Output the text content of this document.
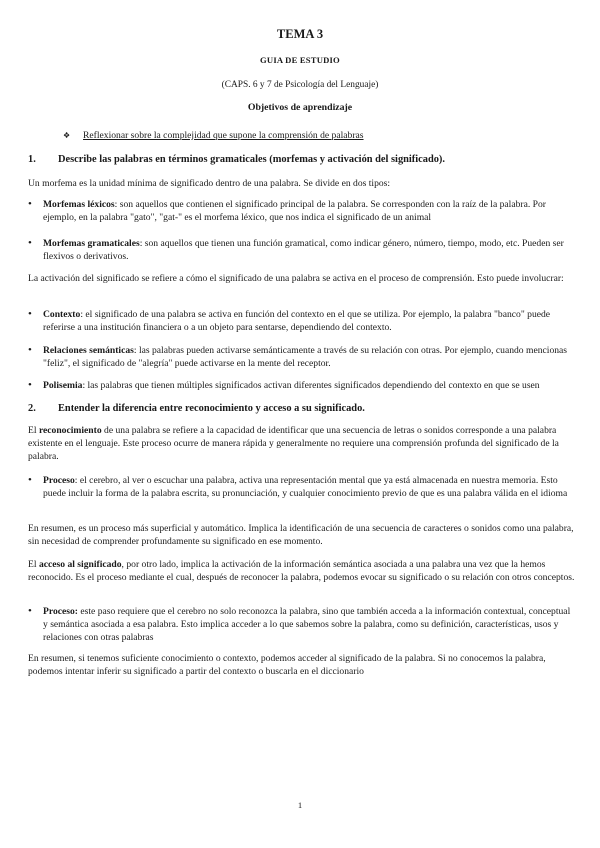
TEMA 3
GUIA DE ESTUDIO
(CAPS. 6 y 7 de Psicología del Lenguaje)
Objetivos de aprendizaje
❖ Reflexionar sobre la complejidad que supone la comprensión de palabras
1. Describe las palabras en términos gramaticales (morfemas y activación del significado).
Un morfema es la unidad mínima de significado dentro de una palabra. Se divide en dos tipos:
• Morfemas léxicos: son aquellos que contienen el significado principal de la palabra. Se corresponden con la raíz de la palabra. Por ejemplo, en la palabra "gato", "gat-" es el morfema léxico, que nos indica el significado de un animal
• Morfemas gramaticales: son aquellos que tienen una función gramatical, como indicar género, número, tiempo, modo, etc. Pueden ser flexivos o derivativos.
La activación del significado se refiere a cómo el significado de una palabra se activa en el proceso de comprensión. Esto puede involucrar:
• Contexto: el significado de una palabra se activa en función del contexto en el que se utiliza. Por ejemplo, la palabra "banco" puede referirse a una institución financiera o a un objeto para sentarse, dependiendo del contexto.
• Relaciones semánticas: las palabras pueden activarse semánticamente a través de su relación con otras. Por ejemplo, cuando mencionas "feliz", el significado de "alegría" puede activarse en la mente del receptor.
• Polisemia: las palabras que tienen múltiples significados activan diferentes significados dependiendo del contexto en que se usen
2. Entender la diferencia entre reconocimiento y acceso a su significado.
El reconocimiento de una palabra se refiere a la capacidad de identificar que una secuencia de letras o sonidos corresponde a una palabra existente en el lenguaje. Este proceso ocurre de manera rápida y generalmente no requiere una comprensión profunda del significado de la palabra.
• Proceso: el cerebro, al ver o escuchar una palabra, activa una representación mental que ya está almacenada en nuestra memoria. Esto puede incluir la forma de la palabra escrita, su pronunciación, y cualquier conocimiento previo de que es una palabra válida en el idioma
En resumen, es un proceso más superficial y automático. Implica la identificación de una secuencia de caracteres o sonidos como una palabra, sin necesidad de comprender profundamente su significado en ese momento.
El acceso al significado, por otro lado, implica la activación de la información semántica asociada a una palabra una vez que la hemos reconocido. Es el proceso mediante el cual, después de reconocer la palabra, podemos evocar su significado o su relación con otros conceptos.
• Proceso: este paso requiere que el cerebro no solo reconozca la palabra, sino que también acceda a la información contextual, conceptual y semántica asociada a esa palabra. Esto implica acceder a lo que sabemos sobre la palabra, como su definición, características, usos y relaciones con otras palabras
En resumen, si tenemos suficiente conocimiento o contexto, podemos acceder al significado de la palabra. Si no conocemos la palabra, podemos intentar inferir su significado a partir del contexto o buscarla en el diccionario
1
